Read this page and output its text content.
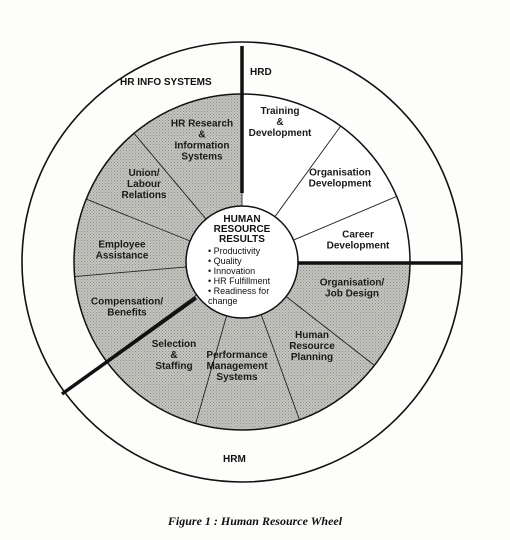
HUMAN
RESOURCE
RESULTS
• Productivity
• Quality
• Innovation
• HR Fulfillment
• Readiness for
change
Training & Development
Organisation Development
Career Development
Organisation/ Job Design
Human Resource Planning
Performance Management Systems
Selection & Staffing
Compensation/ Benefits
Employee Assistance
Union/ Labour Relations
HR Research & Information Systems
HR INFO SYSTEMS
HRD
HRM
Figure 1 : Human Resource Wheel
